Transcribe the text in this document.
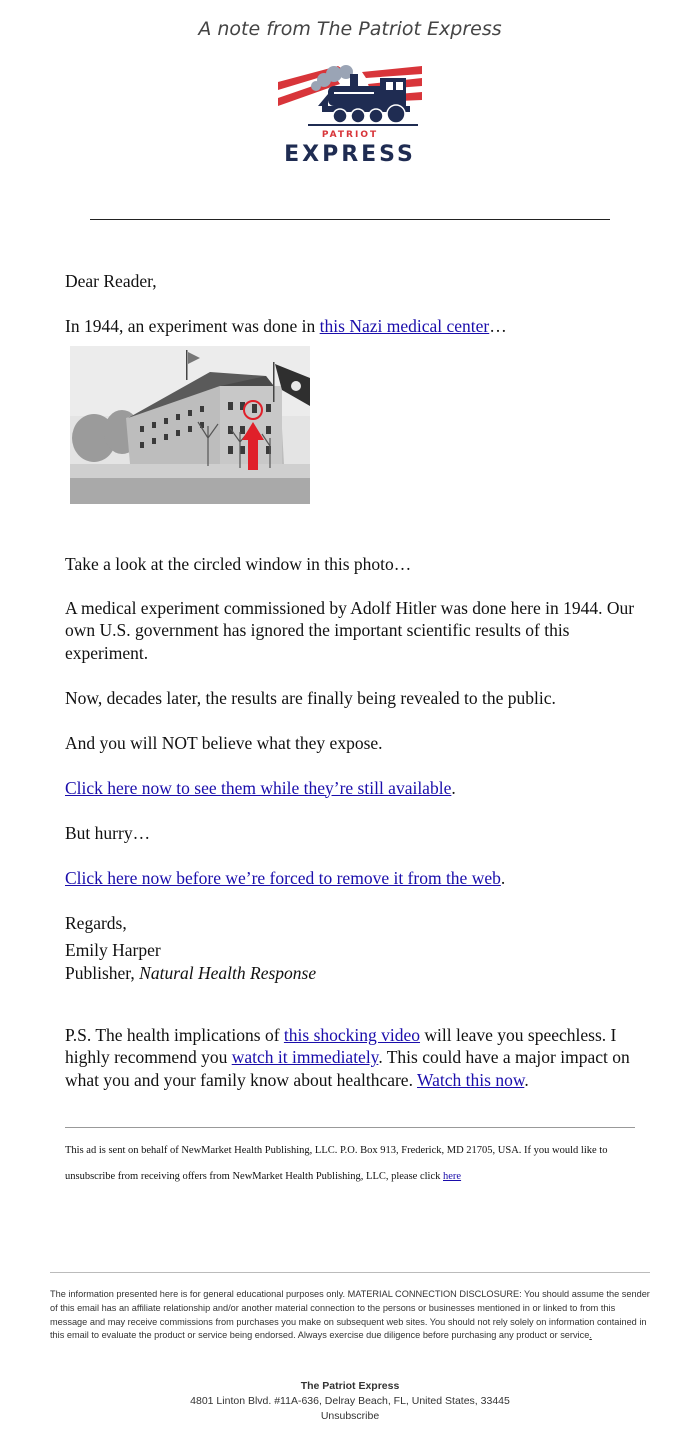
A note from The Patriot Express
PATRIOT
EXPRESS

Dear Reader,

In 1944, an experiment was done in this Nazi medical center…

Take a look at the circled window in this photo…

A medical experiment commissioned by Adolf Hitler was done here in 1944. Our own U.S. government has ignored the important scientific results of this experiment.

Now, decades later, the results are finally being revealed to the public.

And you will NOT believe what they expose.

Click here now to see them while they’re still available.

But hurry…

Click here now before we’re forced to remove it from the web.

Regards,

Emily Harper
Publisher, Natural Health Response

P.S. The health implications of this shocking video will leave you speechless. I highly recommend you watch it immediately. This could have a major impact on what you and your family know about healthcare. Watch this now.

This ad is sent on behalf of NewMarket Health Publishing, LLC. P.O. Box 913, Frederick, MD 21705, USA. If you would like to unsubscribe from receiving offers from NewMarket Health Publishing, LLC, please click here
The information presented here is for general educational purposes only. MATERIAL CONNECTION DISCLOSURE: You should assume the sender of this email has an affiliate relationship and/or another material connection to the persons or businesses mentioned in or linked to from this message and may receive commissions from purchases you make on subsequent web sites. You should not rely solely on information contained in this email to evaluate the product or service being endorsed. Always exercise due diligence before purchasing any product or service.
The Patriot Express
4801 Linton Blvd. #11A-636, Delray Beach, FL, United States, 33445
Unsubscribe
